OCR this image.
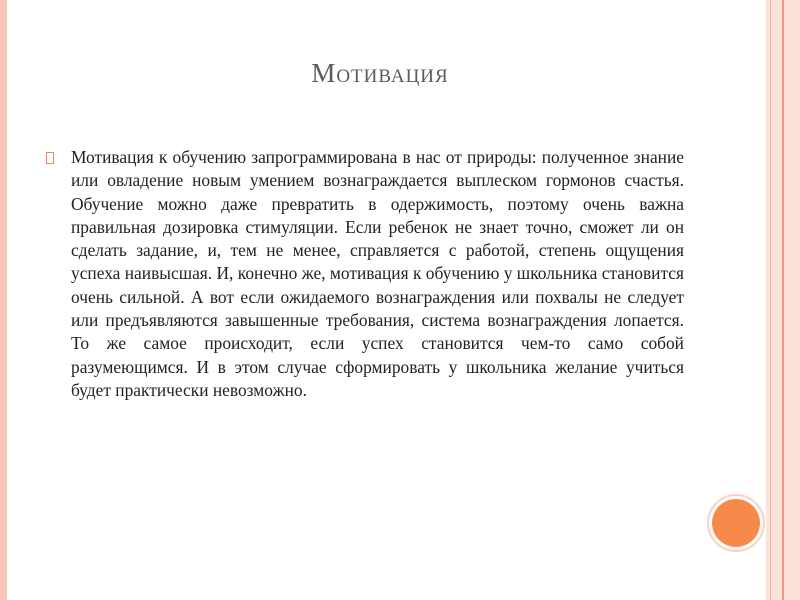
Мотивация

Мотивация к обучению запрограммирована в нас от природы: полученное знание или овладение новым умением вознаграждается выплеском гормонов счастья. Обучение можно даже превратить в одержимость, поэтому очень важна правильная дозировка стимуляции. Если ребенок не знает точно, сможет ли он сделать задание, и, тем не менее, справляется с работой, степень ощущения успеха наивысшая. И, конечно же, мотивация к обучению у школьника становится очень сильной. А вот если ожидаемого вознаграждения или похвалы не следует или предъявляются завышенные требования, система вознаграждения лопается. То же самое происходит, если успех становится чем-то само собой разумеющимся. И в этом случае сформировать у школьника желание учиться будет практически невозможно.
